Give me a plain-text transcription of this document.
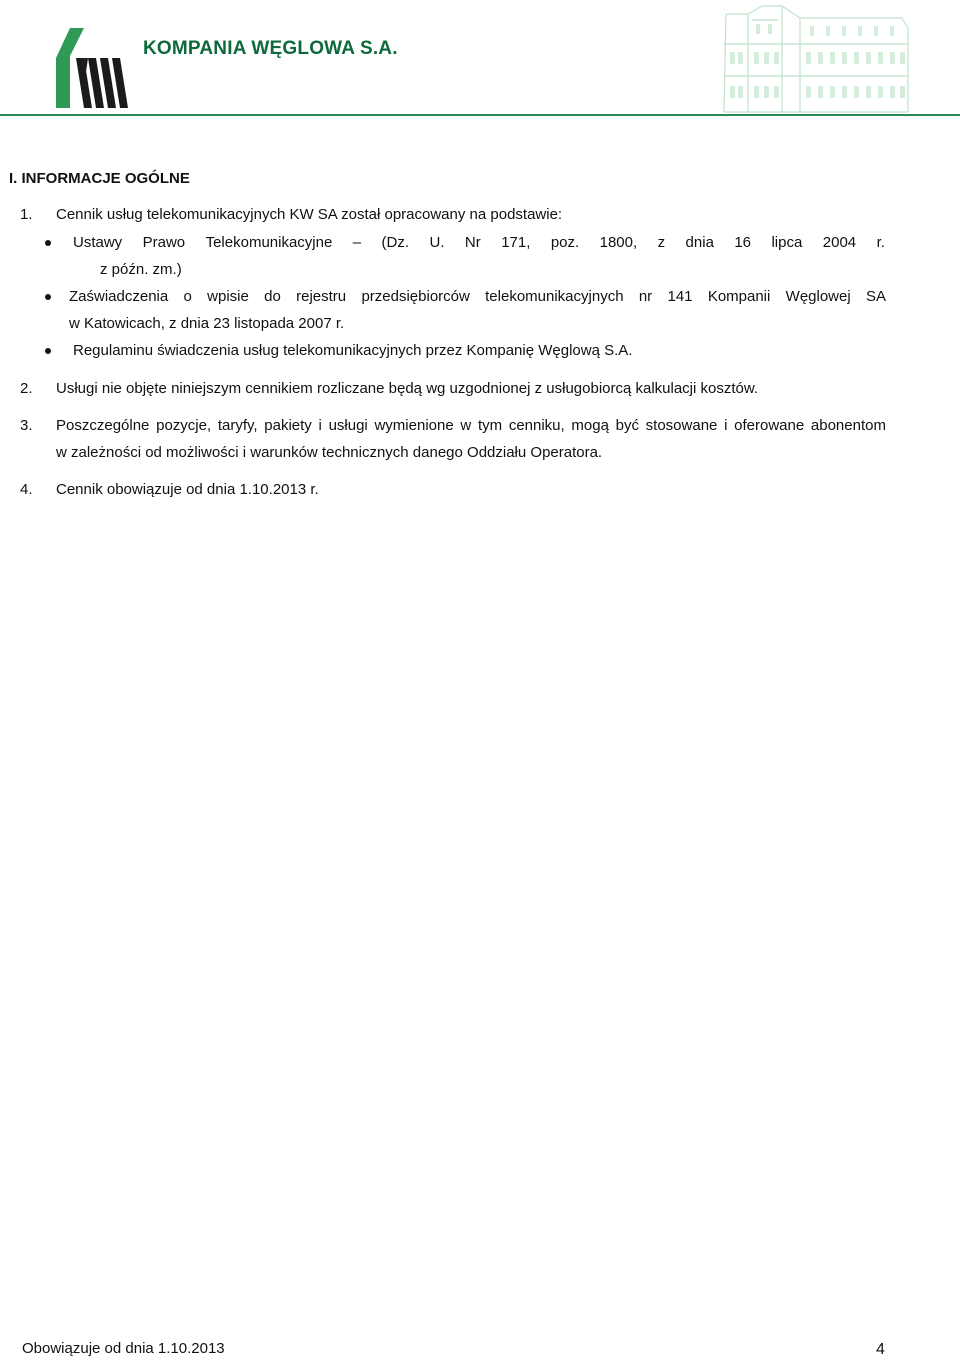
KOMPANIA WĘGLOWA S.A.
I. INFORMACJE OGÓLNE
1. Cennik usług telekomunikacyjnych KW SA został opracowany na podstawie:
Ustawy Prawo Telekomunikacyjne – (Dz. U. Nr 171, poz. 1800, z dnia 16 lipca 2004 r.
z późn. zm.)
Zaświadczenia o wpisie do rejestru przedsiębiorców telekomunikacyjnych nr 141 Kompanii Węglowej SA
w Katowicach, z dnia 23 listopada 2007 r.
Regulaminu świadczenia usług telekomunikacyjnych przez Kompanię Węglową S.A.
2. Usługi nie objęte niniejszym cennikiem rozliczane będą wg uzgodnionej z usługobiorcą kalkulacji kosztów.
3. Poszczególne pozycje, taryfy, pakiety i usługi wymienione w tym cenniku, mogą być stosowane i oferowane abonentom
w zależności od możliwości i warunków technicznych danego Oddziału Operatora.
4. Cennik obowiązuje od dnia 1.10.2013 r.
Obowiązuje od dnia 1.10.2013	4
